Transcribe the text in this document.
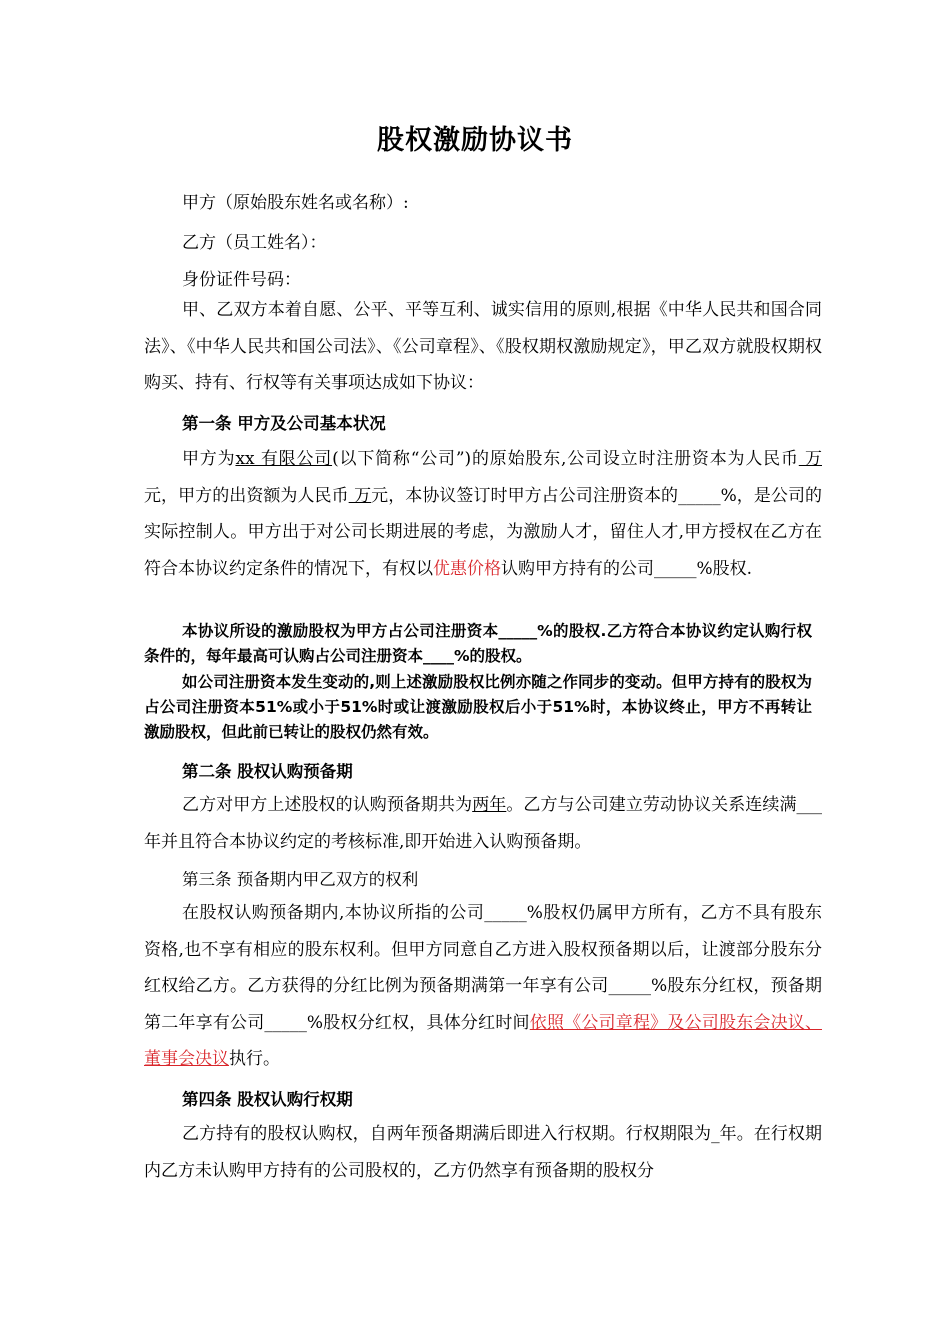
股权激励协议书
甲方（原始股东姓名或名称）:
乙方（员工姓名）：
身份证件号码：

甲、乙双方本着自愿、公平、平等互利、诚实信用的原则,根据《中华人民共和国合同法》、《中华人民共和国公司法》、《公司章程》、《股权期权激励规定》，甲乙双方就股权期权购买、持有、行权等有关事项达成如下协议：

第一条 甲方及公司基本状况

甲方为xx 有限公司(以下简称“公司”)的原始股东,公司设立时注册资本为人民币 万元，甲方的出资额为人民币 万元，本协议签订时甲方占公司注册资本的_____%，是公司的实际控制人。甲方出于对公司长期进展的考虑，为激励人才，留住人才,甲方授权在乙方在符合本协议约定条件的情况下，有权以优惠价格认购甲方持有的公司_____%股权.

本协议所设的激励股权为甲方占公司注册资本_____%的股权.乙方符合本协议约定认购行权条件的，每年最高可认购占公司注册资本____%的股权。

如公司注册资本发生变动的,则上述激励股权比例亦随之作同步的变动。但甲方持有的股权为占公司注册资本51%或小于51%时或让渡激励股权后小于51%时，本协议终止，甲方不再转让激励股权，但此前已转让的股权仍然有效。

第二条 股权认购预备期

乙方对甲方上述股权的认购预备期共为两年。乙方与公司建立劳动协议关系连续满___年并且符合本协议约定的考核标准,即开始进入认购预备期。

第三条 预备期内甲乙双方的权利

在股权认购预备期内,本协议所指的公司_____%股权仍属甲方所有，乙方不具有股东资格,也不享有相应的股东权利。但甲方同意自乙方进入股权预备期以后，让渡部分股东分红权给乙方。乙方获得的分红比例为预备期满第一年享有公司_____%股东分红权，预备期第二年享有公司_____%股权分红权，具体分红时间依照《公司章程》及公司股东会决议、董事会决议执行。

第四条 股权认购行权期

乙方持有的股权认购权，自两年预备期满后即进入行权期。行权期限为_年。在行权期内乙方未认购甲方持有的公司股权的，乙方仍然享有预备期的股权分
